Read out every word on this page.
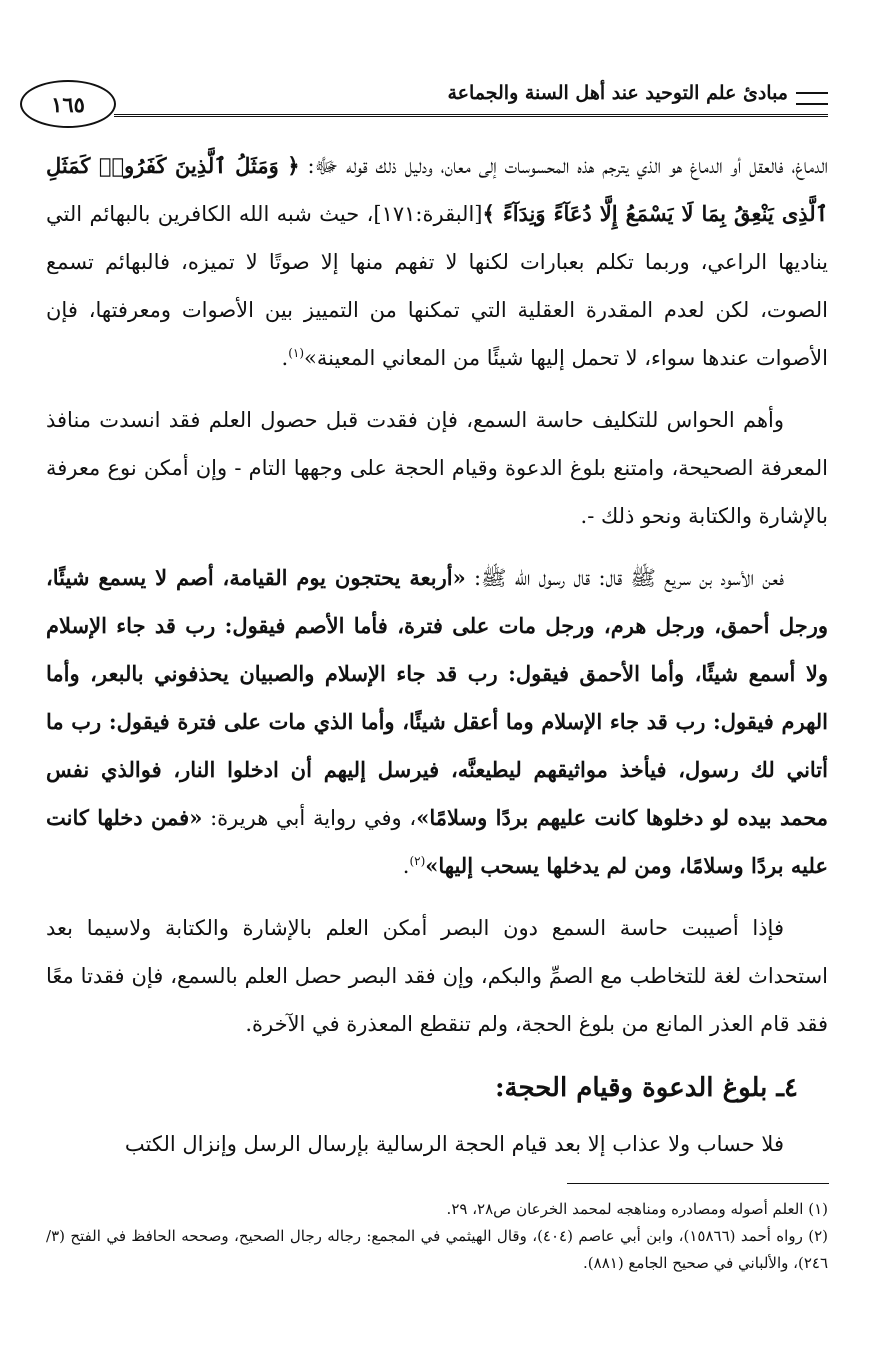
١٦٥	مبادئ علم التوحيد عند أهل السنة والجماعة

الدماغ، فالعقل أو الدماغ هو الذي يترجم هذه المحسوسات إلى معان، ودليل ذلك قوله ﷻ: ﴿ وَمَثَلُ ٱلَّذِينَ كَفَرُوا۟ كَمَثَلِ ٱلَّذِى يَنْعِقُ بِمَا لَا يَسْمَعُ إِلَّا دُعَآءً وَنِدَآءً ﴾[البقرة:١٧١]، حيث شبه الله الكافرين بالبهائم التي يناديها الراعي، وربما تكلم بعبارات لكنها لا تفهم منها إلا صوتًا لا تميزه، فالبهائم تسمع الصوت، لكن لعدم المقدرة العقلية التي تمكنها من التمييز بين الأصوات ومعرفتها، فإن الأصوات عندها سواء، لا تحمل إليها شيئًا من المعاني المعينة»$^{(١)}$.

وأهم الحواس للتكليف حاسة السمع، فإن فقدت قبل حصول العلم فقد انسدت منافذ المعرفة الصحيحة، وامتنع بلوغ الدعوة وقيام الحجة على وجهها التام - وإن أمكن نوع معرفة بالإشارة والكتابة ونحو ذلك -.

فعن الأسود بن سريع ﷺ قال: قال رسول الله ﷺ: «أربعة يحتجون يوم القيامة، أصم لا يسمع شيئًا، ورجل أحمق، ورجل هرم، ورجل مات على فترة، فأما الأصم فيقول: رب قد جاء الإسلام ولا أسمع شيئًا، وأما الأحمق فيقول: رب قد جاء الإسلام والصبيان يحذفوني بالبعر، وأما الهرم فيقول: رب قد جاء الإسلام وما أعقل شيئًا، وأما الذي مات على فترة فيقول: رب ما أتاني لك رسول، فيأخذ مواثيقهم ليطيعنَّه، فيرسل إليهم أن ادخلوا النار، فوالذي نفس محمد بيده لو دخلوها كانت عليهم بردًا وسلامًا»، وفي رواية أبي هريرة: «فمن دخلها كانت عليه بردًا وسلامًا، ومن لم يدخلها يسحب إليها»$^{(٢)}$.

فإذا أصيبت حاسة السمع دون البصر أمكن العلم بالإشارة والكتابة ولاسيما بعد استحداث لغة للتخاطب مع الصمِّ والبكم، وإن فقد البصر حصل العلم بالسمع، فإن فقدتا معًا فقد قام العذر المانع من بلوغ الحجة، ولم تنقطع المعذرة في الآخرة.

٤ـ بلوغ الدعوة وقيام الحجة:

فلا حساب ولا عذاب إلا بعد قيام الحجة الرسالية بإرسال الرسل وإنزال الكتب

(١) العلم أصوله ومصادره ومناهجه لمحمد الخرعان ص٢٨، ٢٩.

(٢) رواه أحمد (١٥٨٦٦)، وابن أبي عاصم (٤٠٤)، وقال الهيثمي في المجمع: رجاله رجال الصحيح، وصححه الحافظ في الفتح (٣/ ٢٤٦)، والألباني في صحيح الجامع (٨٨١).
